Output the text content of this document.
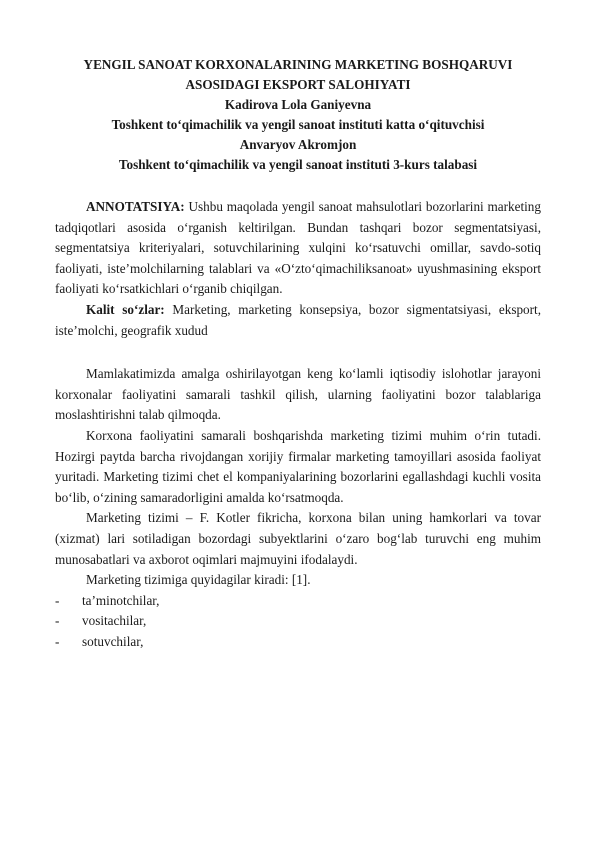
YENGIL SANOAT KORXONALARINING MARKETING BOSHQARUVI
ASOSIDAGI EKSPORT SALOHIYATI
Kadirova Lola Ganiyevna
Toshkent to‘qimachilik va yengil sanoat instituti katta o‘qituvchisi
Anvaryov Akromjon
Toshkent to‘qimachilik va yengil sanoat instituti 3-kurs talabasi

ANNOTATSIYA: Ushbu maqolada yengil sanoat mahsulotlari bozorlarini marketing tadqiqotlari asosida o‘rganish keltirilgan. Bundan tashqari bozor segmentatsiyasi, segmentatsiya kriteriyalari, sotuvchilarining xulqini ko‘rsatuvchi omillar, savdo-sotiq faoliyati, iste’molchilarning talablari va «O‘zto‘qimachiliksanoat» uyushmasining eksport faoliyati ko‘rsatkichlari o‘rganib chiqilgan.

Kalit so‘zlar: Marketing, marketing konsepsiya, bozor sigmentatsiyasi, eksport, iste’molchi, geografik xudud

Mamlakatimizda amalga oshirilayotgan keng ko‘lamli iqtisodiy islohotlar jarayoni korxonalar faoliyatini samarali tashkil qilish, ularning faoliyatini bozor talablariga moslashtirishni talab qilmoqda.

Korxona faoliyatini samarali boshqarishda marketing tizimi muhim o‘rin tutadi. Hozirgi paytda barcha rivojdangan xorijiy firmalar marketing tamoyillari asosida faoliyat yuritadi. Marketing tizimi chet el kompaniyalarining bozorlarini egallashdagi kuchli vosita bo‘lib, o‘zining samaradorligini amalda ko‘rsatmoqda.

Marketing tizimi – F. Kotler fikricha, korxona bilan uning hamkorlari va tovar (xizmat) lari sotiladigan bozordagi subyektlarini o‘zaro bog‘lab turuvchi eng muhim munosabatlari va axborot oqimlari majmuyini ifodalaydi.

Marketing tizimiga quyidagilar kiradi: [1].

- ta’minotchilar,
- vositachilar,
- sotuvchilar,
